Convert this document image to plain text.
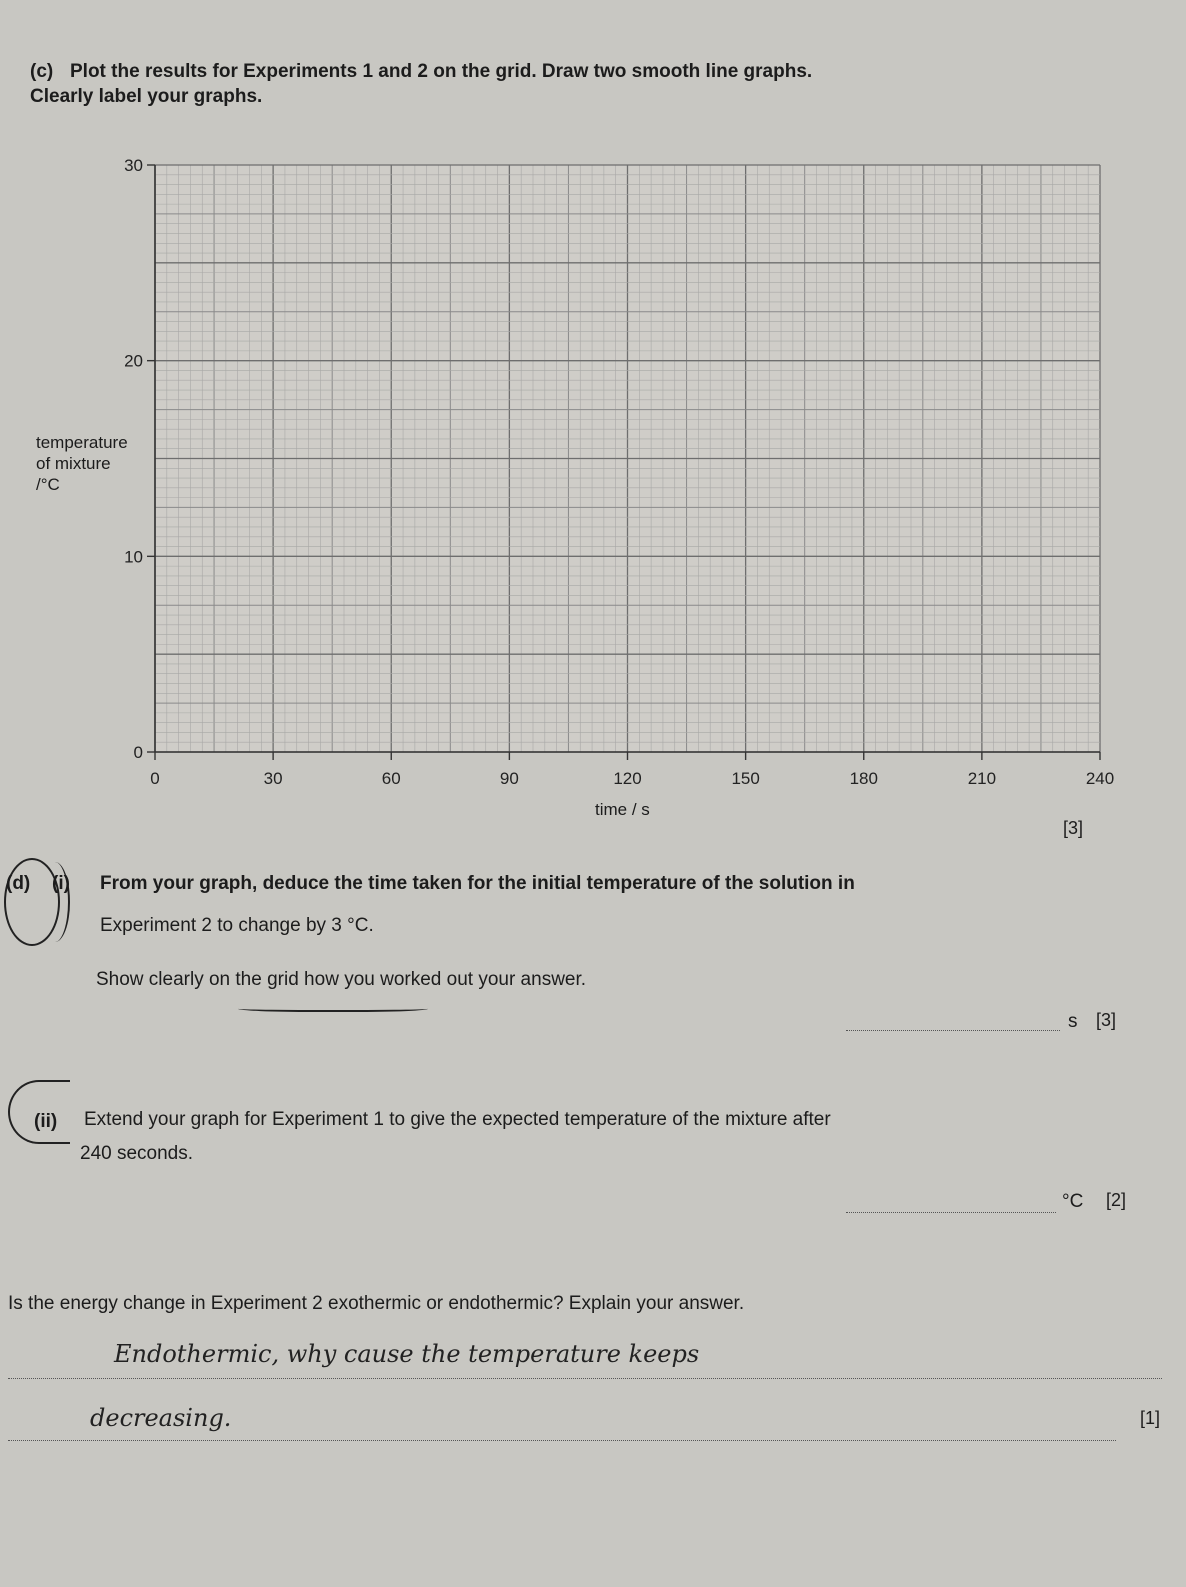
(c) Plot the results for Experiments 1 and 2 on the grid. Draw two smooth line graphs.
Clearly label your graphs.
0
10
20
30
0	30	60	90	120	150	180	210	240
temperature
of mixture
/°C
time / s
[3]
(d) (i) From your graph, deduce the time taken for the initial temperature of the solution in
Experiment 2 to change by 3 °C.
Show clearly on the grid how you worked out your answer.
s [3]
(ii) Extend your graph for Experiment 1 to give the expected temperature of the mixture after
240 seconds.
°C [2]
Is the energy change in Experiment 2 exothermic or endothermic? Explain your answer.
Endothermic, why cause the temperature keeps
decreasing.	[1]
